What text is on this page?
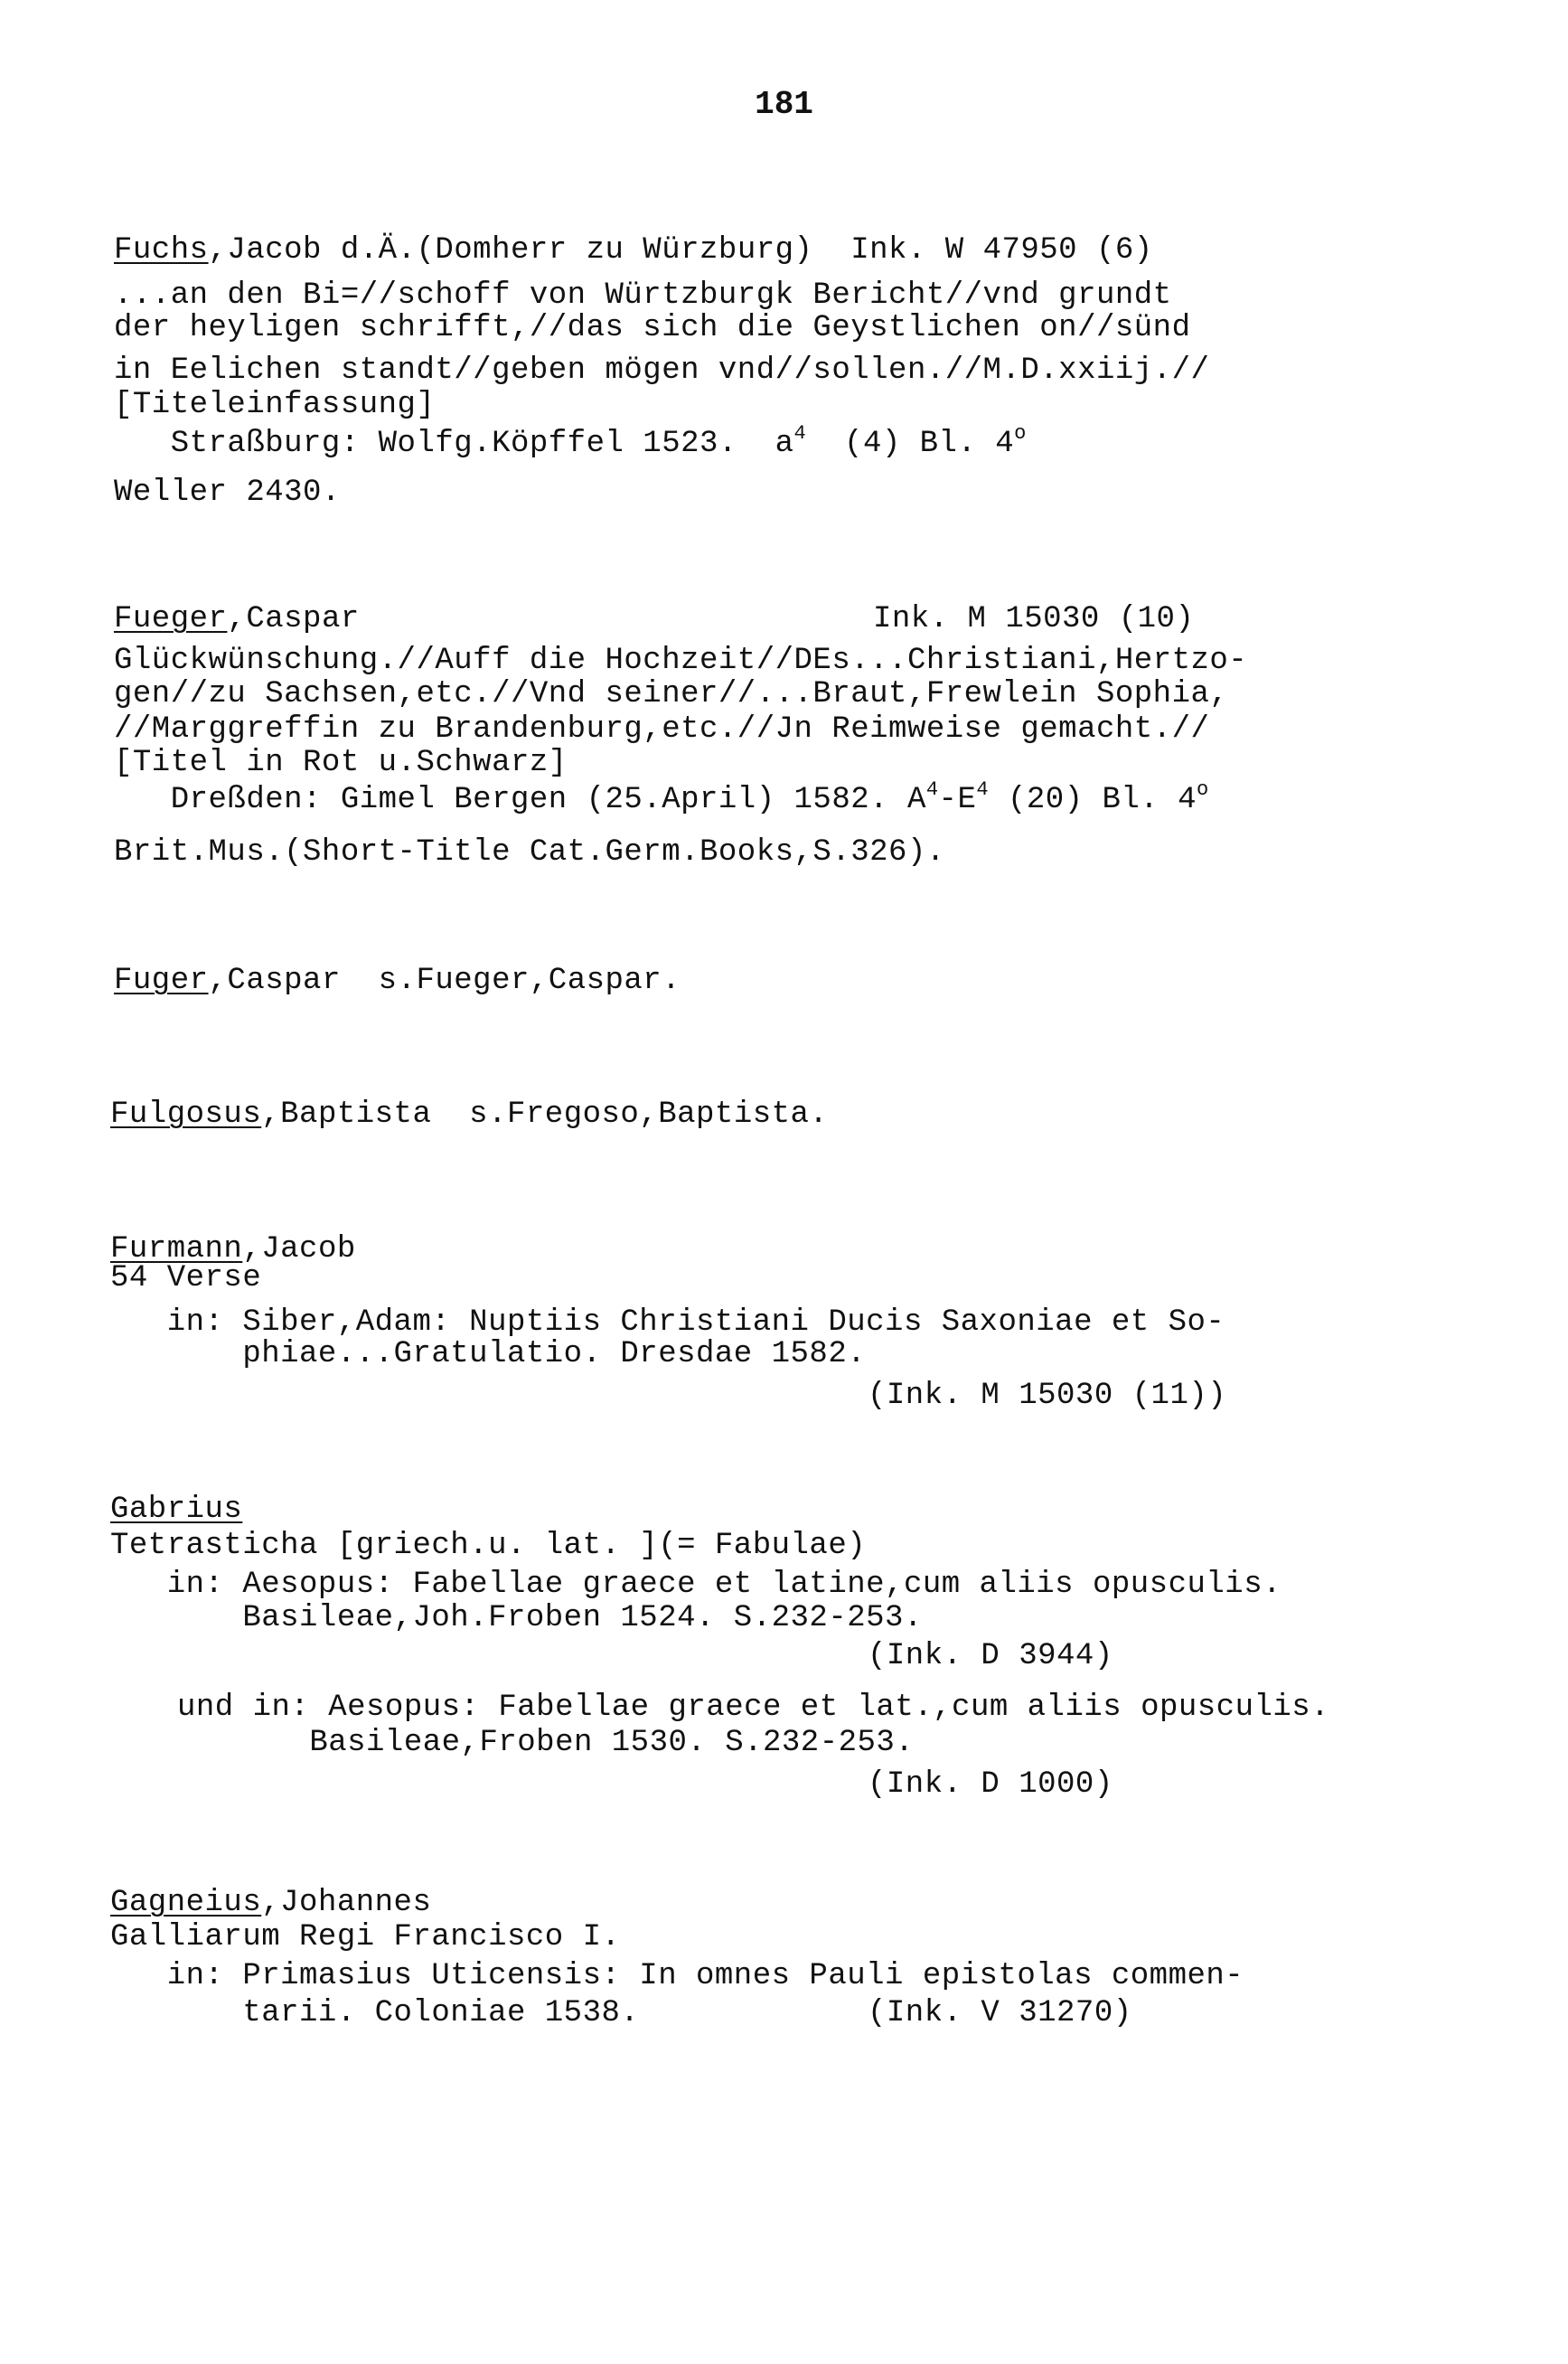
181
Fuchs,Jacob d.Ä.(Domherr zu Würzburg)  Ink. W 47950 (6)
...an den Bi=//schoff von Würtzburgk Bericht//vnd grundt
der heyligen schrifft,//das sich die Geystlichen on//sünd
in Eelichen standt//geben mögen vnd//sollen.//M.D.xxiij.//
[Titeleinfassung]
Straßburg: Wolfg.Köpffel 1523.  $a^4$  (4) Bl. 4$^o$
Weller 2430.
Fueger,Caspar	Ink. M 15030 (10)
Glückwünschung.//Auff die Hochzeit//DEs...Christiani,Hertzo-
gen//zu Sachsen,etc.//Vnd seiner//...Braut,Frewlein Sophia,
//Marggreffin zu Brandenburg,etc.//Jn Reimweise gemacht.//
[Titel in Rot u.Schwarz]
Dreßden: Gimel Bergen (25.April) 1582. $A^4-E^4$ (20) Bl. 4$^o$
Brit.Mus.(Short-Title Cat.Germ.Books,S.326).
Fuger,Caspar  s.Fueger,Caspar.
Fulgosus,Baptista  s.Fregoso,Baptista.
Furmann,Jacob
54 Verse
in: Siber,Adam: Nuptiis Christiani Ducis Saxoniae et So-
phiae...Gratulatio. Dresdae 1582.
(Ink. M 15030 (11))
Gabrius
Tetrasticha [griech.u. lat. ](= Fabulae)
in: Aesopus: Fabellae graece et latine,cum aliis opusculis.
Basileae,Joh.Froben 1524. S.232-253.
(Ink. D 3944)
und in: Aesopus: Fabellae graece et lat.,cum aliis opusculis.
Basileae,Froben 1530. S.232-253.
(Ink. D 1000)
Gagneius,Johannes
Galliarum Regi Francisco I.
in: Primasius Uticensis: In omnes Pauli epistolas commen-
tarii. Coloniae 1538.	(Ink. V 31270)
